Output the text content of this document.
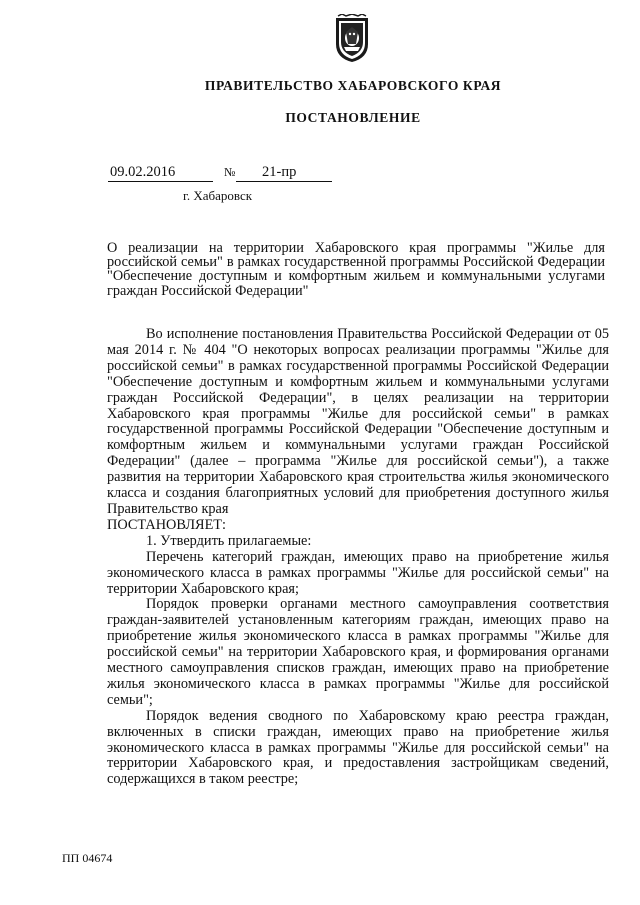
ПРАВИТЕЛЬСТВО ХАБАРОВСКОГО КРАЯ
ПОСТАНОВЛЕНИЕ
09.02.2016	№	21-пр
г. Хабаровск
О реализации на территории Хабаровского края программы "Жилье для российской семьи" в рамках государственной программы Российской Федерации "Обеспечение доступным и комфортным жильем и коммунальными услугами граждан Российской Федерации"

Во исполнение постановления Правительства Российской Федерации от 05 мая 2014 г. № 404 "О некоторых вопросах реализации программы "Жилье для российской семьи" в рамках государственной программы Российской Федерации "Обеспечение доступным и комфортным жильем и коммунальными услугами граждан Российской Федерации", в целях реализации на территории Хабаровского края программы "Жилье для российской семьи" в рамках государственной программы Российской Федерации "Обеспечение доступным и комфортным жильем и коммунальными услугами граждан Российской Федерации" (далее – программа "Жилье для российской семьи"), а также развития на территории Хабаровского края строительства жилья экономического класса и создания благоприятных условий для приобретения доступного жилья Правительство края

ПОСТАНОВЛЯЕТ:

1. Утвердить прилагаемые:

Перечень категорий граждан, имеющих право на приобретение жилья экономического класса в рамках программы "Жилье для российской семьи" на территории Хабаровского края;

Порядок проверки органами местного самоуправления соответствия граждан-заявителей установленным категориям граждан, имеющих право на приобретение жилья экономического класса в рамках программы "Жилье для российской семьи" на территории Хабаровского края, и формирования органами местного самоуправления списков граждан, имеющих право на приобретение жилья экономического класса в рамках программы "Жилье для российской семьи";

Порядок ведения сводного по Хабаровскому краю реестра граждан, включенных в списки граждан, имеющих право на приобретение жилья экономического класса в рамках программы "Жилье для российской семьи" на территории Хабаровского края, и предоставления застройщикам сведений, содержащихся в таком реестре;

ПП 04674
